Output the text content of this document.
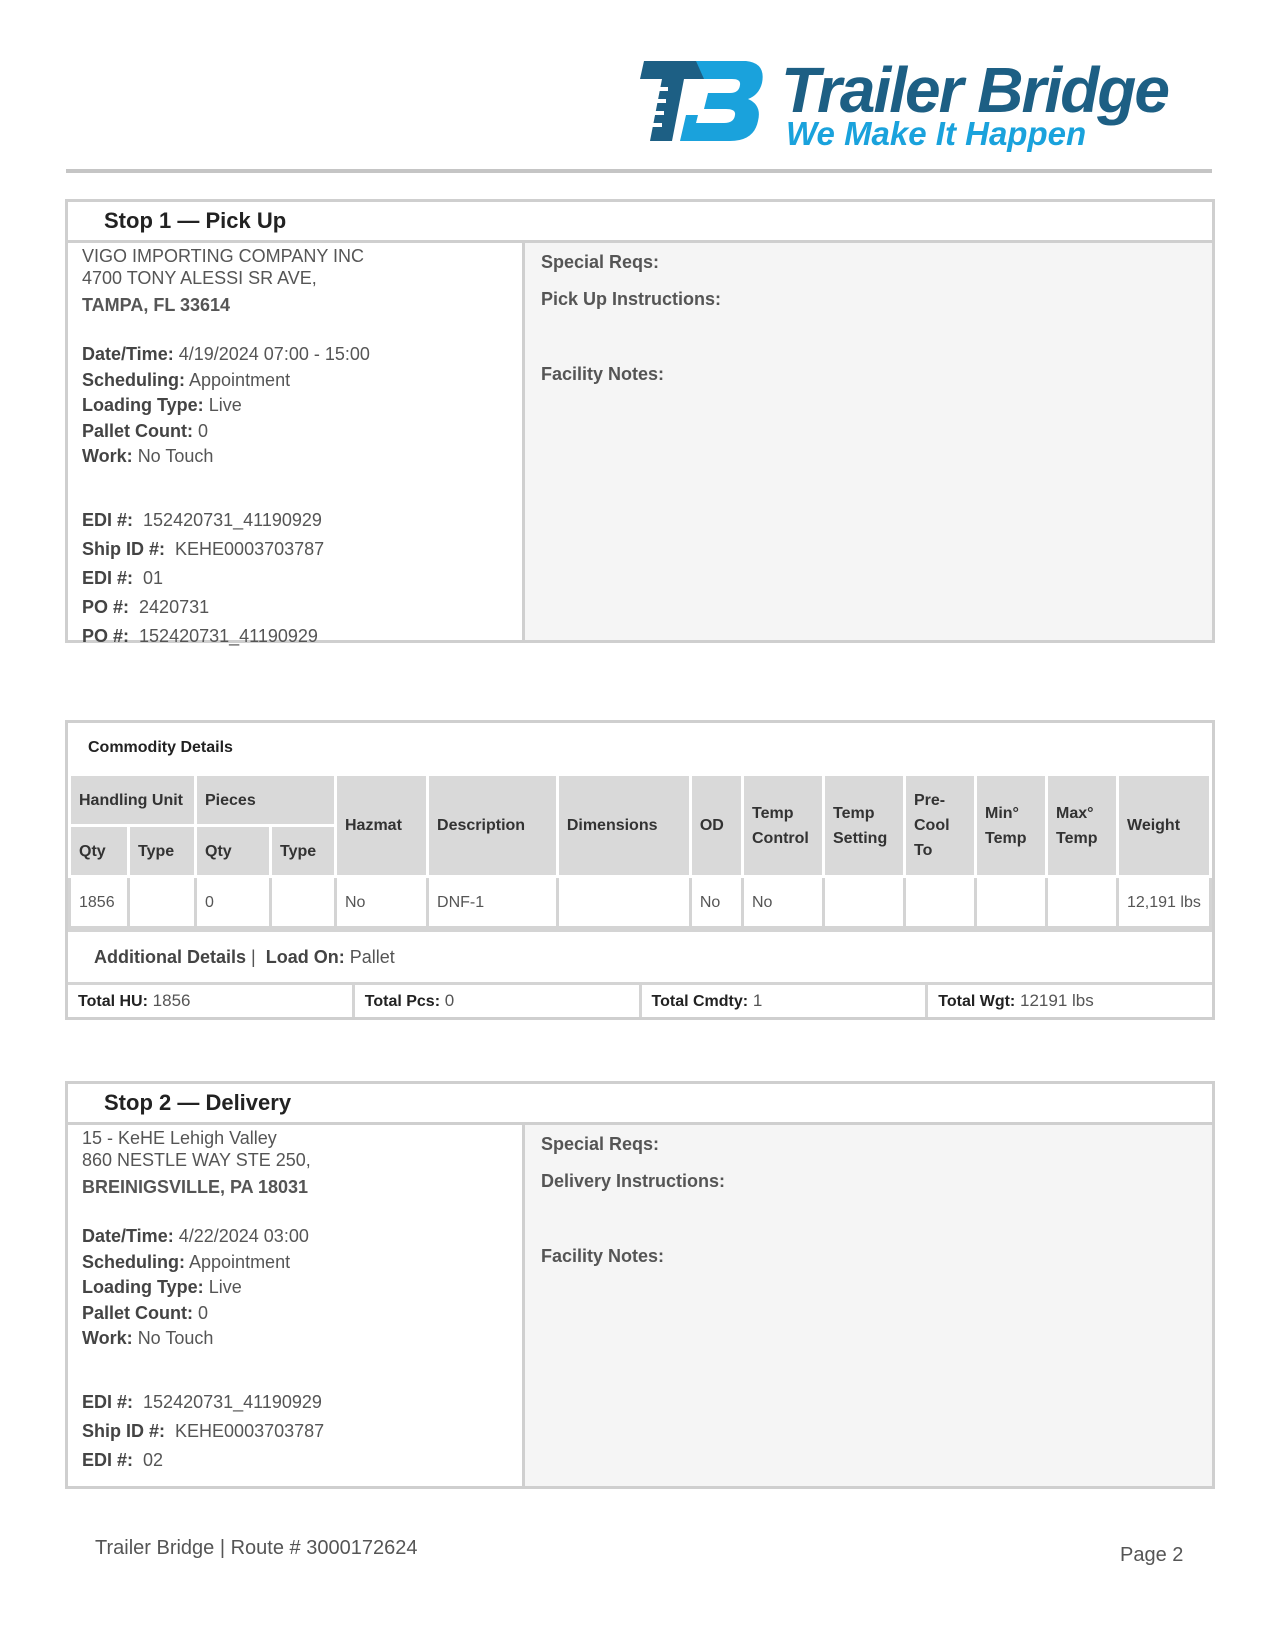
Trailer Bridge
We Make It Happen
Stop 1 — Pick Up
VIGO IMPORTING COMPANY INC
4700 TONY ALESSI SR AVE,
TAMPA, FL 33614
Date/Time: 4/19/2024 07:00 - 15:00
Scheduling: Appointment
Loading Type: Live
Pallet Count: 0
Work: No Touch
EDI #: 152420731_41190929
Ship ID #: KEHE0003703787
EDI #: 01
PO #: 2420731
PO #: 152420731_41190929
Special Reqs:
Pick Up Instructions:
Facility Notes:
Commodity Details
Handling Unit		Pieces		Hazmat	Description	Dimensions	OD	Temp Control	Temp Setting	Pre-Cool To	Min° Temp	Max° Temp	Weight
Qty	Type	Qty	Type										
1856		0		No	DNF-1		No	No					12,191 lbs
Additional Details | Load On: Pallet
Total HU: 1856	Total Pcs: 0	Total Cmdty: 1	Total Wgt: 12191 lbs
Stop 2 — Delivery
15 - KeHE Lehigh Valley
860 NESTLE WAY STE 250,
BREINIGSVILLE, PA 18031
Date/Time: 4/22/2024 03:00
Scheduling: Appointment
Loading Type: Live
Pallet Count: 0
Work: No Touch
EDI #: 152420731_41190929
Ship ID #: KEHE0003703787
EDI #: 02
Special Reqs:
Delivery Instructions:
Facility Notes:
Trailer Bridge | Route # 3000172624	Page 2
